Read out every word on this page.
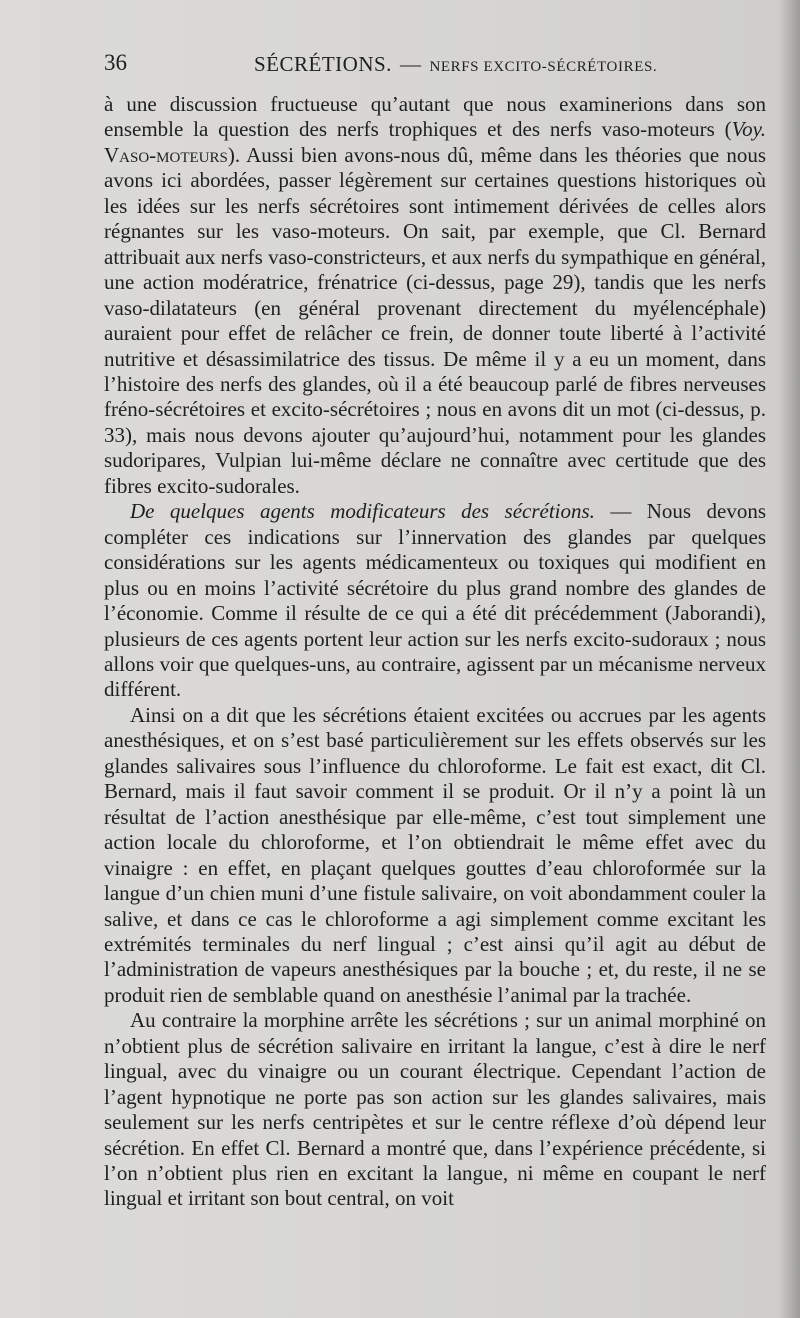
36	SÉCRÉTIONS. — NERFS EXCITO-SÉCRÉTOIRES.

à une discussion fructueuse qu’autant que nous examinerions dans son ensemble la question des nerfs trophiques et des nerfs vaso-moteurs (Voy. Vaso-moteurs). Aussi bien avons-nous dû, même dans les théories que nous avons ici abordées, passer légèrement sur certaines questions historiques où les idées sur les nerfs sécrétoires sont intimement dérivées de celles alors régnantes sur les vaso-moteurs. On sait, par exemple, que Cl. Bernard attribuait aux nerfs vaso-constricteurs, et aux nerfs du sympathique en général, une action modératrice, frénatrice (ci-dessus, page 29), tandis que les nerfs vaso-dilatateurs (en général provenant directement du myélencéphale) auraient pour effet de relâcher ce frein, de donner toute liberté à l’activité nutritive et désassimilatrice des tissus. De même il y a eu un moment, dans l’histoire des nerfs des glandes, où il a été beaucoup parlé de fibres nerveuses fréno-sécrétoires et excito-sécrétoires ; nous en avons dit un mot (ci-dessus, p. 33), mais nous devons ajouter qu’aujourd’hui, notamment pour les glandes sudoripares, Vulpian lui-même déclare ne connaître avec certitude que des fibres excito-sudorales.

De quelques agents modificateurs des sécrétions. — Nous devons compléter ces indications sur l’innervation des glandes par quelques considérations sur les agents médicamenteux ou toxiques qui modifient en plus ou en moins l’activité sécrétoire du plus grand nombre des glandes de l’économie. Comme il résulte de ce qui a été dit précédemment (Jaborandi), plusieurs de ces agents portent leur action sur les nerfs excito-sudoraux ; nous allons voir que quelques-uns, au contraire, agissent par un mécanisme nerveux différent.

Ainsi on a dit que les sécrétions étaient excitées ou accrues par les agents anesthésiques, et on s’est basé particulièrement sur les effets observés sur les glandes salivaires sous l’influence du chloroforme. Le fait est exact, dit Cl. Bernard, mais il faut savoir comment il se produit. Or il n’y a point là un résultat de l’action anesthésique par elle-même, c’est tout simplement une action locale du chloroforme, et l’on obtiendrait le même effet avec du vinaigre : en effet, en plaçant quelques gouttes d’eau chloroformée sur la langue d’un chien muni d’une fistule salivaire, on voit abondamment couler la salive, et dans ce cas le chloroforme a agi simplement comme excitant les extrémités terminales du nerf lingual ; c’est ainsi qu’il agit au début de l’administration de vapeurs anesthésiques par la bouche ; et, du reste, il ne se produit rien de semblable quand on anesthésie l’animal par la trachée.

Au contraire la morphine arrête les sécrétions ; sur un animal morphiné on n’obtient plus de sécrétion salivaire en irritant la langue, c’est à dire le nerf lingual, avec du vinaigre ou un courant électrique. Cependant l’action de l’agent hypnotique ne porte pas son action sur les glandes salivaires, mais seulement sur les nerfs centripètes et sur le centre réflexe d’où dépend leur sécrétion. En effet Cl. Bernard a montré que, dans l’expérience précédente, si l’on n’obtient plus rien en excitant la langue, ni même en coupant le nerf lingual et irritant son bout central, on voit
